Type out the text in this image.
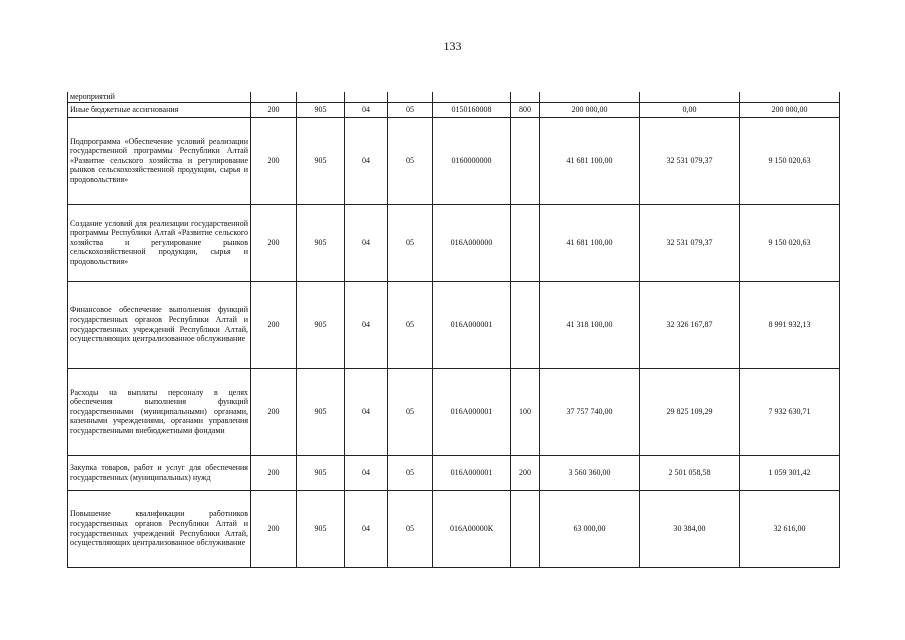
133
мероприятий									
Иные бюджетные ассигнования	200	905	04	05	0150160008	800	200 000,00	0,00	200 000,00
Подпрограмма «Обеспечение условий реализации государственной программы Республики Алтай «Развитие сельского хозяйства и регулирование рынков сельскохозяйственной продукции, сырья и продовольствия»	200	905	04	05	0160000000		41 681 100,00	32 531 079,37	9 150 020,63
Создание условий для реализации государственной программы Республики Алтай «Развитие сельского хозяйства и регулирование рынков сельскохозяйственной продукции, сырья и продовольствия»	200	905	04	05	016А000000		41 681 100,00	32 531 079,37	9 150 020,63
Финансовое обеспечение выполнения функций государственных органов Республики Алтай и государственных учреждений Республики Алтай, осуществляющих централизованное обслуживание	200	905	04	05	016А000001		41 318 100,00	32 326 167,87	8 991 932,13
Расходы на выплаты персоналу в целях обеспечения выполнения функций государственными (муниципальными) органами, казенными учреждениями, органами управления государственными внебюджетными фондами	200	905	04	05	016А000001	100	37 757 740,00	29 825 109,29	7 932 630,71
Закупка товаров, работ и услуг для обеспечения государственных (муниципальных) нужд	200	905	04	05	016А000001	200	3 560 360,00	2 501 058,58	1 059 301,42
Повышение квалификации работников государственных органов Республики Алтай и государственных учреждений Республики Алтай, осуществляющих централизованное обслуживание	200	905	04	05	016А00000К		63 000,00	30 384,00	32 616,00
